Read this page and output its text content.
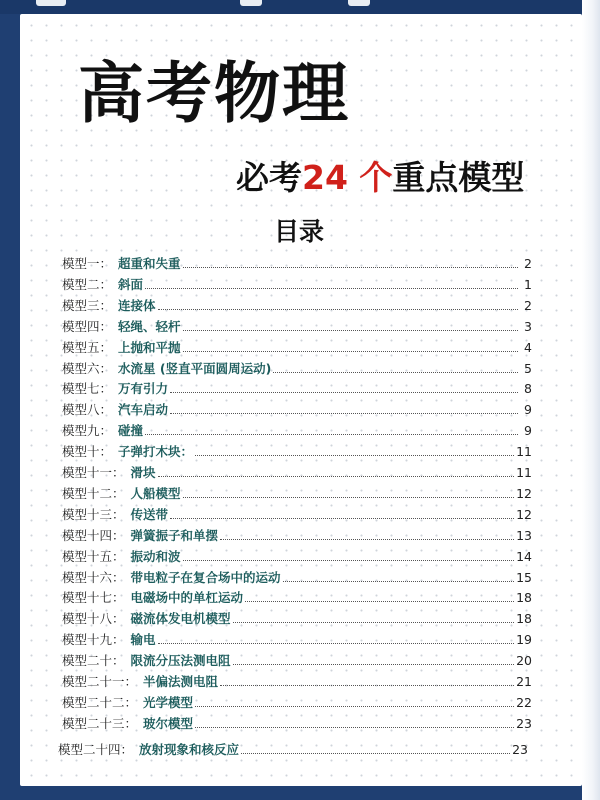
高考物理
必考24 个重点模型
目录
模型一： 超重和失重	2
模型二： 斜面	1
模型三： 连接体	2
模型四： 轻绳、轻杆	3
模型五： 上抛和平抛	4
模型六： 水流星 (竖直平面圆周运动)	5
模型七： 万有引力	8
模型八： 汽车启动	9
模型九： 碰撞	9
模型十： 子弹打木块：	11
模型十一： 滑块	11
模型十二： 人船模型	12
模型十三： 传送带	12
模型十四： 弹簧振子和单摆	13
模型十五： 振动和波	14
模型十六： 带电粒子在复合场中的运动	15
模型十七： 电磁场中的单杠运动	18
模型十八： 磁流体发电机模型	18
模型十九： 输电	19
模型二十： 限流分压法测电阻	20
模型二十一： 半偏法测电阻	21
模型二十二： 光学模型	22
模型二十三： 玻尔模型	23
模型二十四： 放射现象和核反应	23
